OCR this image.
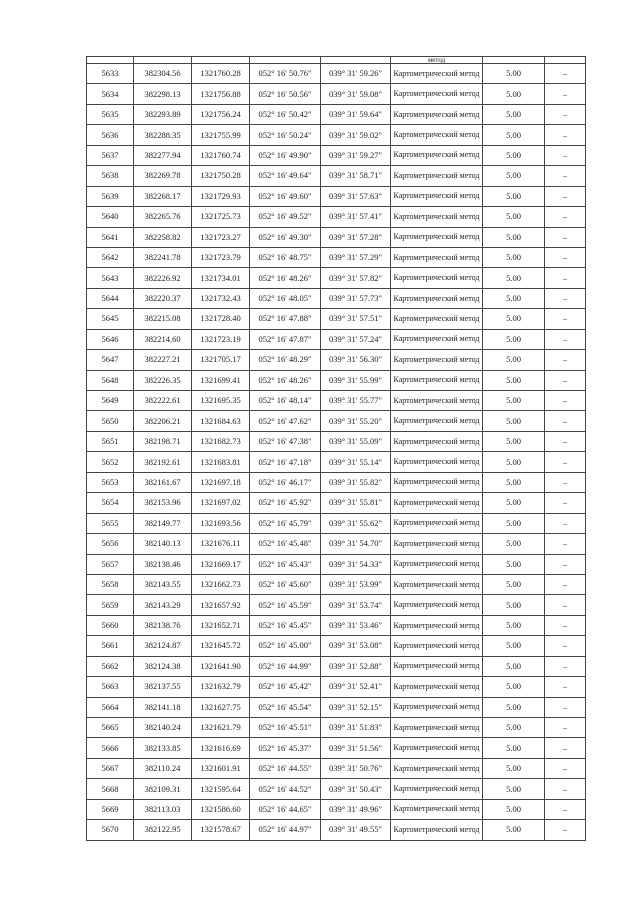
					метод		
5633	382304.56	1321760.28	052° 16' 50.76"	039° 31' 59.26"	Картометрический метод	5.00	–
5634	382298.13	1321756.88	052° 16' 50.56"	039° 31' 59.08"	Картометрический метод	5.00	–
5635	382293.89	1321756.24	052° 16' 50.42"	039° 31' 59.64"	Картометрический метод	5.00	–
5636	382288.35	1321755.99	052° 16' 50.24"	039° 31' 59.02"	Картометрический метод	5.00	–
5637	382277.94	1321760.74	052° 16' 49.90"	039° 31' 59.27"	Картометрический метод	5.00	–
5638	382269.78	1321750.28	052° 16' 49.64"	039° 31' 58.71"	Картометрический метод	5.00	–
5639	382268.17	1321729.93	052° 16' 49.60"	039° 31' 57.63"	Картометрический метод	5.00	–
5640	382265.76	1321725.73	052° 16' 49.52"	039° 31' 57.41"	Картометрический метод	5.00	–
5641	382258.82	1321723.27	052° 16' 49.30"	039° 31' 57.28"	Картометрический метод	5.00	–
5642	382241.78	1321723.79	052° 16' 48.75"	039° 31' 57.29"	Картометрический метод	5.00	–
5643	382226.92	1321734.01	052° 16' 48.26"	039° 31' 57.82"	Картометрический метод	5.00	–
5644	382220.37	1321732.43	052° 16' 48.05"	039° 31' 57.73"	Картометрический метод	5.00	–
5645	382215.08	1321728.40	052° 16' 47.88"	039° 31' 57.51"	Картометрический метод	5.00	–
5646	382214.60	1321723.19	052° 16' 47.87"	039° 31' 57.24"	Картометрический метод	5.00	–
5647	382227.21	1321705.17	052° 16' 48.29"	039° 31' 56.30"	Картометрический метод	5.00	–
5648	382226.35	1321699.41	052° 16' 48.26"	039° 31' 55.99"	Картометрический метод	5.00	–
5649	382222.61	1321695.35	052° 16' 48.14"	039° 31' 55.77"	Картометрический метод	5.00	–
5650	382206.21	1321684.63	052° 16' 47.62"	039° 31' 55.20"	Картометрический метод	5.00	–
5651	382198.71	1321682.73	052° 16' 47.38"	039° 31' 55.09"	Картометрический метод	5.00	–
5652	382192.61	1321683.81	052° 16' 47.18"	039° 31' 55.14"	Картометрический метод	5.00	–
5653	382161.67	1321697.18	052° 16' 46.17"	039° 31' 55.82"	Картометрический метод	5.00	–
5654	382153.96	1321697.02	052° 16' 45.92"	039° 31' 55.81"	Картометрический метод	5.00	–
5655	382149.77	1321693.56	052° 16' 45.79"	039° 31' 55.62"	Картометрический метод	5.00	–
5656	382140.13	1321676.11	052° 16' 45.48"	039° 31' 54.70"	Картометрический метод	5.00	–
5657	382138.46	1321669.17	052° 16' 45.43"	039° 31' 54.33"	Картометрический метод	5.00	–
5658	382143.55	1321662.73	052° 16' 45.60"	039° 31' 53.99"	Картометрический метод	5.00	–
5659	382143.29	1321657.92	052° 16' 45.59"	039° 31' 53.74"	Картометрический метод	5.00	–
5660	382138.76	1321652.71	052° 16' 45.45"	039° 31' 53.46"	Картометрический метод	5.00	–
5661	382124.87	1321645.72	052° 16' 45.00"	039° 31' 53.08"	Картометрический метод	5.00	–
5662	382124.38	1321641.90	052° 16' 44.99"	039° 31' 52.88"	Картометрический метод	5.00	–
5663	382137.55	1321632.79	052° 16' 45.42"	039° 31' 52.41"	Картометрический метод	5.00	–
5664	382141.18	1321627.75	052° 16' 45.54"	039° 31' 52.15"	Картометрический метод	5.00	–
5665	382140.24	1321621.79	052° 16' 45.51"	039° 31' 51.83"	Картометрический метод	5.00	–
5666	382133.85	1321616.69	052° 16' 45.37"	039° 31' 51.56"	Картометрический метод	5.00	–
5667	382110.24	1321601.91	052° 16' 44.55"	039° 31' 50.76"	Картометрический метод	5.00	–
5668	382109.31	1321595.64	052° 16' 44.52"	039° 31' 50.43"	Картометрический метод	5.00	–
5669	382113.03	1321586.60	052° 16' 44.65"	039° 31' 49.96"	Картометрический метод	5.00	–
5670	382122.95	1321578.67	052° 16' 44.97"	039° 31' 49.55"	Картометрический метод	5.00	–
